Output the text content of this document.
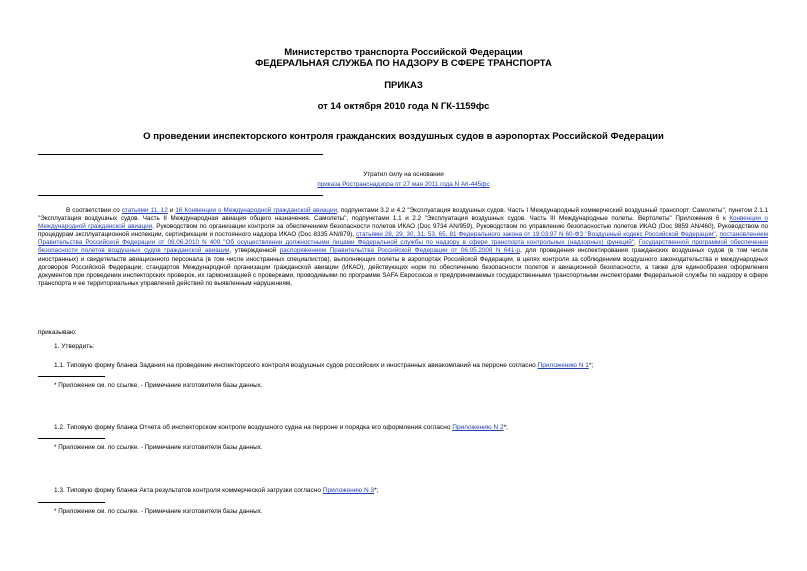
Министерство транспорта Российской Федерации
ФЕДЕРАЛЬНАЯ СЛУЖБА ПО НАДЗОРУ В СФЕРЕ ТРАНСПОРТА
ПРИКАЗ
от 14 октября 2010 года N ГК-1159фс
О проведении инспекторского контроля гражданских воздушных судов в аэропортах Российской Федерации
Утратил силу на основании
приказа Ространснадзора от 27 мая 2011 года N АК-445фс
В соответствии со статьями 11, 12 и 16 Конвенции о Международной гражданской авиации, подпунктами 3.2 и 4.2 "Эксплуатация воздушных судов. Часть I Международный коммерческий воздушный транспорт. Самолеты", пунктом 2.1.1 "Эксплуатация воздушных судов. Часть II Международная авиация общего назначения. Самолеты", подпунктами 1.1 и 2.2 "Эксплуатация воздушных судов. Часть III Международные полеты. Вертолеты" Приложения 6 к Конвенции о Международной гражданской авиации, Руководством по организации контроля за обеспечением безопасности полетов ИКАО (Doc 9734 AN/959), Руководством по управлению безопасностью полетов ИКАО (Doc 9859 AN/460), Руководством по процедурам эксплуатационной инспекции, сертификации и постоянного надзора ИКАО (Doc 8335 AN/879), статьями 28, 29, 30, 31, 53, 65, 81 Федерального закона от 19.03.97 N 60-ФЗ "Воздушный кодекс Российской Федерации", постановлением Правительства Российской Федерации от 09.06.2010 N 409 "Об осуществлении должностными лицами Федеральной службы по надзору в сфере транспорта контрольных (надзорных) функций", Государственной программой обеспечения безопасности полетов воздушных судов гражданской авиации, утвержденной распоряжением Правительства Российской Федерации от 06.05.2008 N 641-р, для проведения инспектирования гражданских воздушных судов (в том числе иностранных) и свидетельств авиационного персонала (в том числе иностранных специалистов), выполняющих полеты в аэропортах Российской Федерации, в целях контроля за соблюдением воздушного законодательства и международных договоров Российской Федерации, стандартов Международной организации гражданской авиации (ИКАО), действующих норм по обеспечению безопасности полетов и авиационной безопасности, а также для единообразия оформления документов при проведении инспекторских проверок, их гармонизацией с проверками, проводимыми по программе SAFA Евросоюза и предпринимаемых государственными транспортными инспекторами Федеральной службы по надзору в сфере транспорта и ее территориальных управлений действий по выявленным нарушениям,
приказываю:
1. Утвердить:
1.1. Типовую форму бланка Задания на проведение инспекторского контроля воздушных судов российских и иностранных авиакомпаний на перроне согласно Приложению N 1*;
* Приложение см. по ссылке. - Примечание изготовителя базы данных.
1.2. Типовую форму бланка Отчета об инспекторском контроле воздушного судна на перроне и порядка его оформления согласно Приложению N 2*;
* Приложение см. по ссылке. - Примечание изготовителя базы данных.
1.3. Типовую форму бланка Акта результатов контроля коммерческой загрузки согласно Приложению N 3*;
* Приложение см. по ссылке. - Примечание изготовителя базы данных.
